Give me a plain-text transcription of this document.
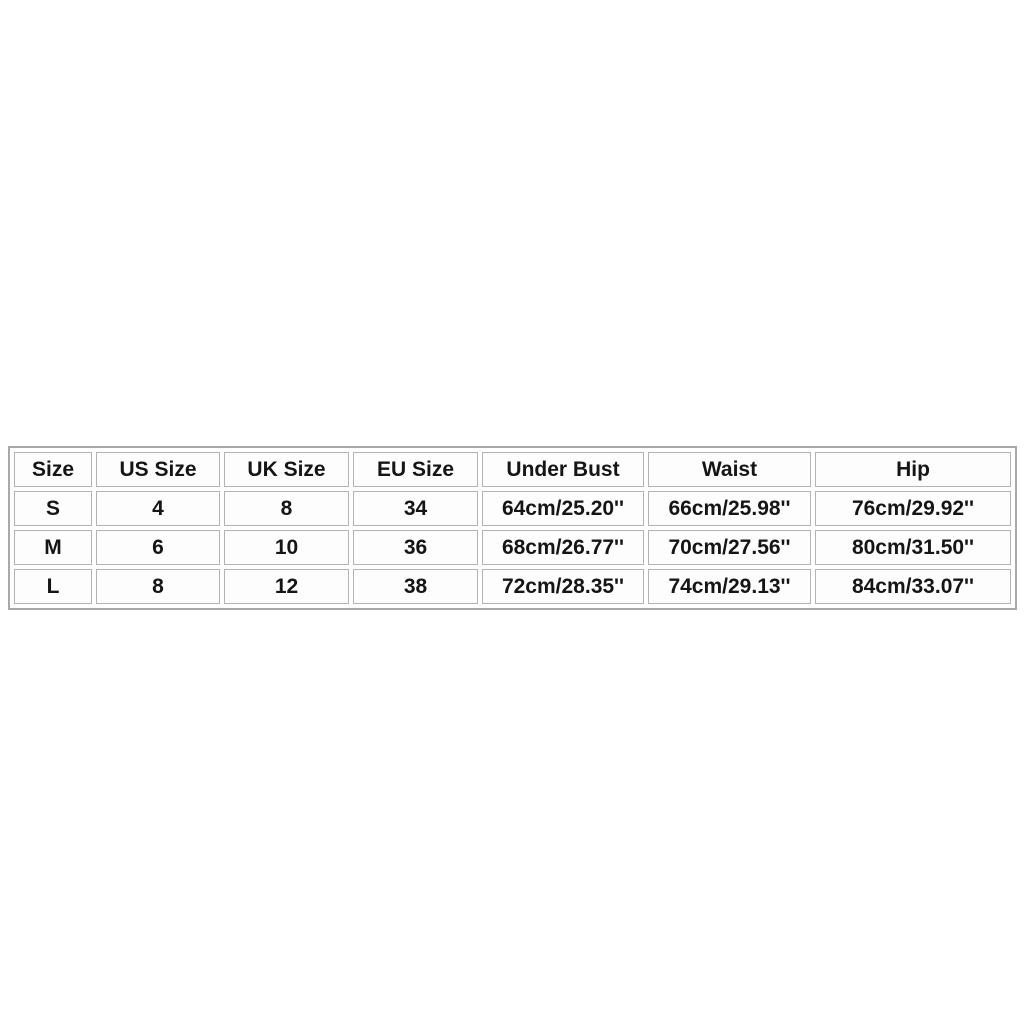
Size	US Size	UK Size	EU Size	Under Bust	Waist	Hip
S	4	8	34	64cm/25.20''	66cm/25.98''	76cm/29.92''
M	6	10	36	68cm/26.77''	70cm/27.56''	80cm/31.50''
L	8	12	38	72cm/28.35''	74cm/29.13''	84cm/33.07''
